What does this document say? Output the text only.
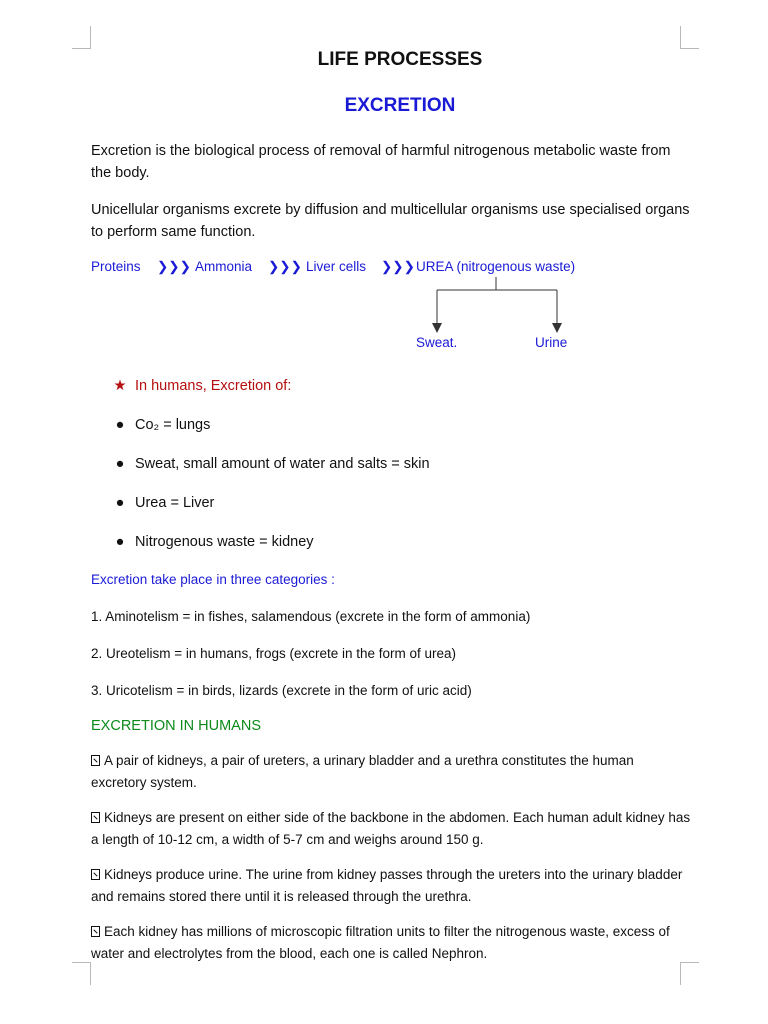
LIFE PROCESSES
EXCRETION

Excretion is the biological process of removal of harmful nitrogenous metabolic waste from the body.

Unicellular organisms excrete by diffusion and multicellular organisms use specialised organs to perform same function.

Proteins ❯❯❯ Ammonia ❯❯❯ Liver cells ❯❯❯ UREA (nitrogenous waste)
Sweat.	Urine
★ In humans, Excretion of:
● Co₂ = lungs
● Sweat, small amount of water and salts = skin
● Urea = Liver
● Nitrogenous waste = kidney

Excretion take place in three categories :

1. Aminotelism = in fishes, salamendous (excrete in the form of ammonia)

2. Ureotelism = in humans, frogs (excrete in the form of urea)

3. Uricotelism = in birds, lizards (excrete in the form of uric acid)

EXCRETION IN HUMANS

A pair of kidneys, a pair of ureters, a urinary bladder and a urethra constitutes the human excretory system.

Kidneys are present on either side of the backbone in the abdomen. Each human adult kidney has a length of 10-12 cm, a width of 5-7 cm and weighs around 150 g.

Kidneys produce urine. The urine from kidney passes through the ureters into the urinary bladder and remains stored there until it is released through the urethra.

Each kidney has millions of microscopic filtration units to filter the nitrogenous waste, excess of water and electrolytes from the blood, each one is called Nephron.
